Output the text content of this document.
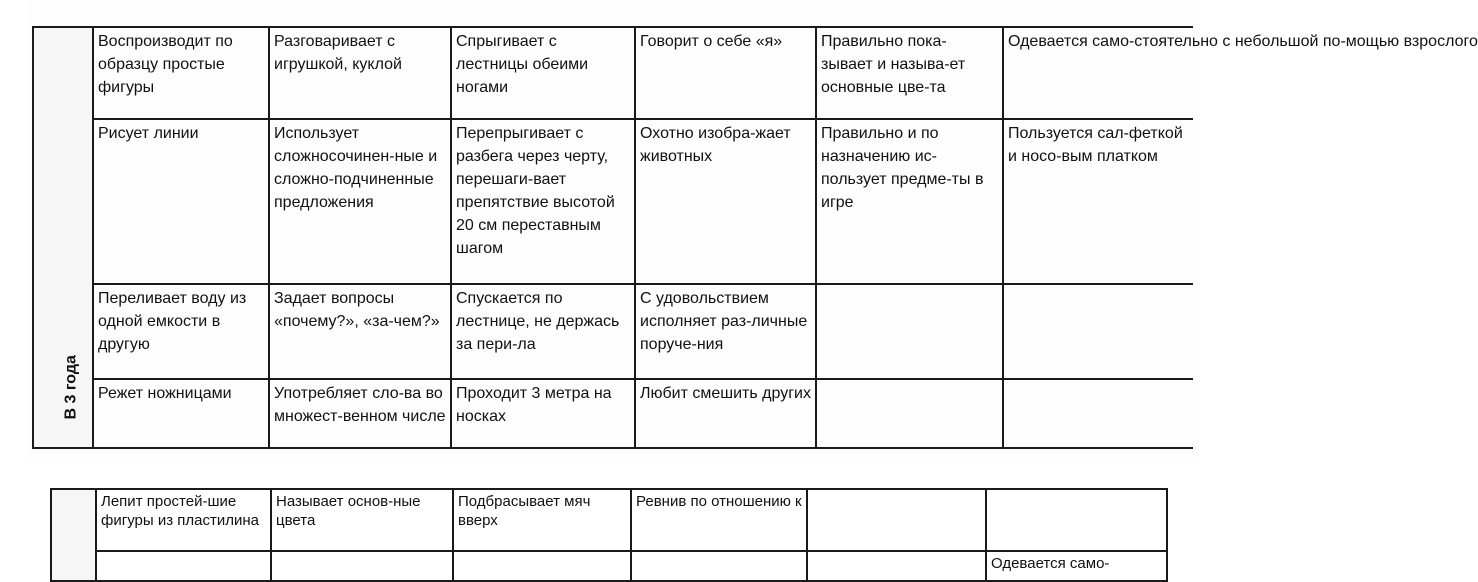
В 3 года	Воспроизводит по образцу простые фигуры	Разговаривает с игрушкой, куклой	Спрыгивает с лестницы обеими ногами	Говорит о себе «я»	Правильно пока-зывает и называ-ет основные цве-та	Одевается само-стоятельно с небольшой по-мощью взрослого
	Рисует линии	Использует сложносочинен-ные и сложно-подчиненные предложения	Перепрыгивает с разбега через черту, перешаги-вает препятствие высотой 20 см переставным шагом	Охотно изобра-жает животных	Правильно и по назначению ис-пользует предме-ты в игре	Пользуется сал-феткой и носо-вым платком
	Переливает воду из одной емкости в другую	Задает вопросы «почему?», «за-чем?»	Спускается по лестнице, не держась за пери-ла	С удовольствием исполняет раз-личные поруче-ния		
	Режет ножницами	Употребляет сло-ва во множест-венном числе	Проходит 3 метра на носках	Любит смешить других		
	Лепит простей-шие фигуры из пластилина	Называет основ-ные цвета	Подбрасывает мяч вверх	Ревнив по отношению к		
						Одевается само-
